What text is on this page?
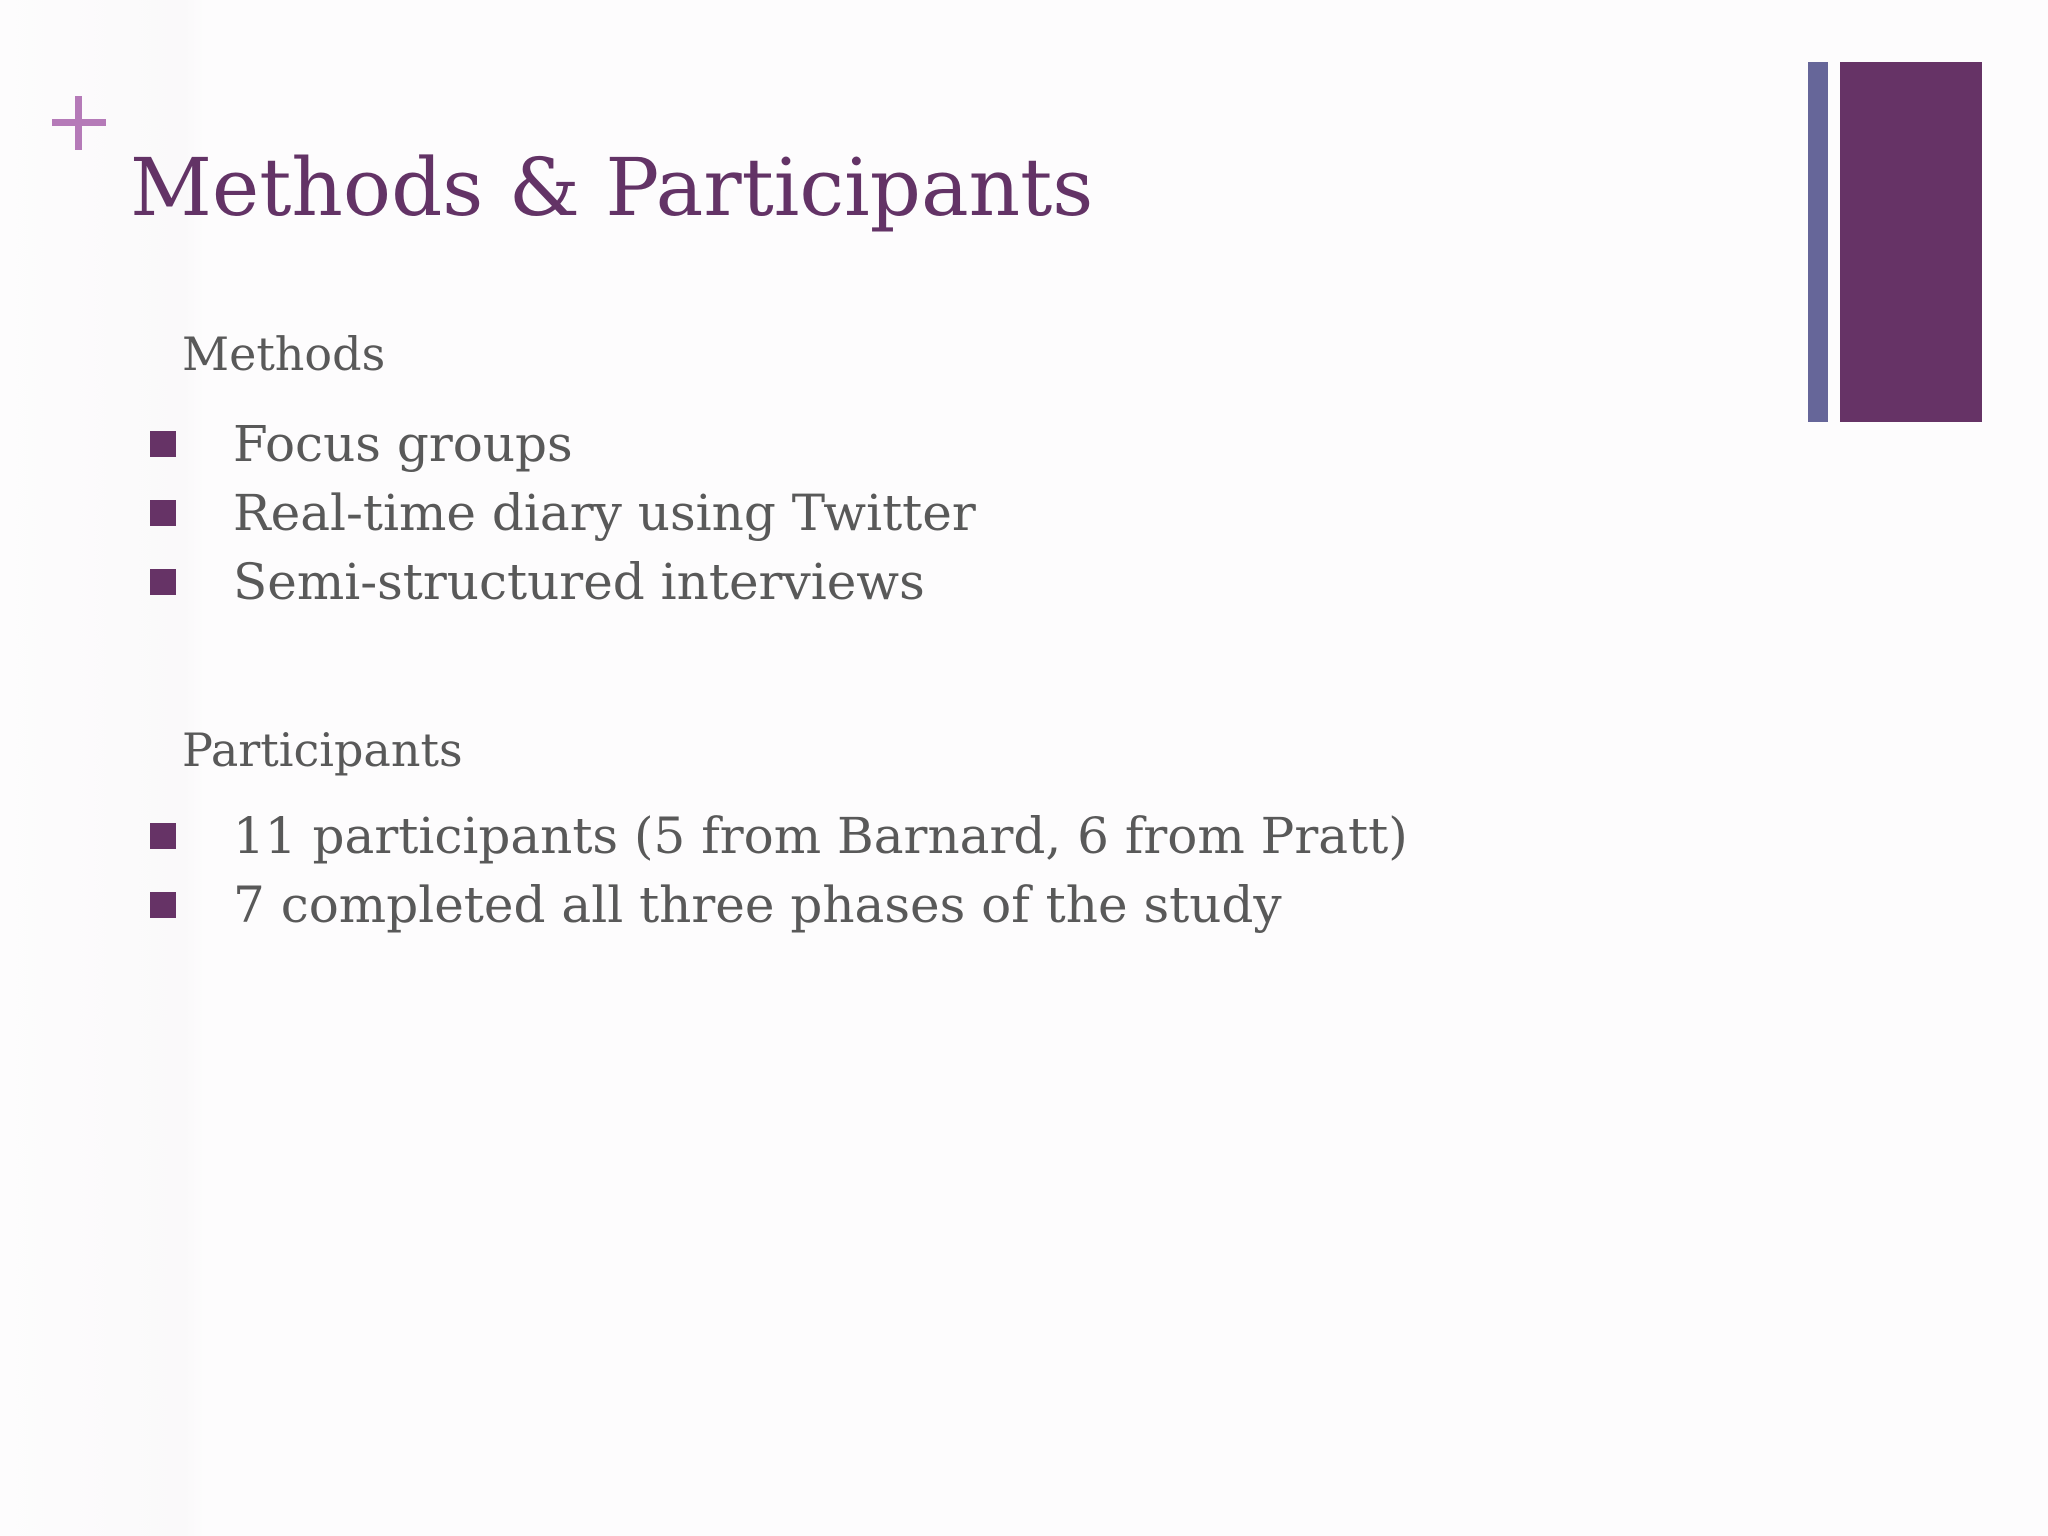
Methods & Participants
Methods
Focus groups
Real-time diary using Twitter
Semi-structured interviews
Participants
11 participants (5 from Barnard, 6 from Pratt)
7 completed all three phases of the study
